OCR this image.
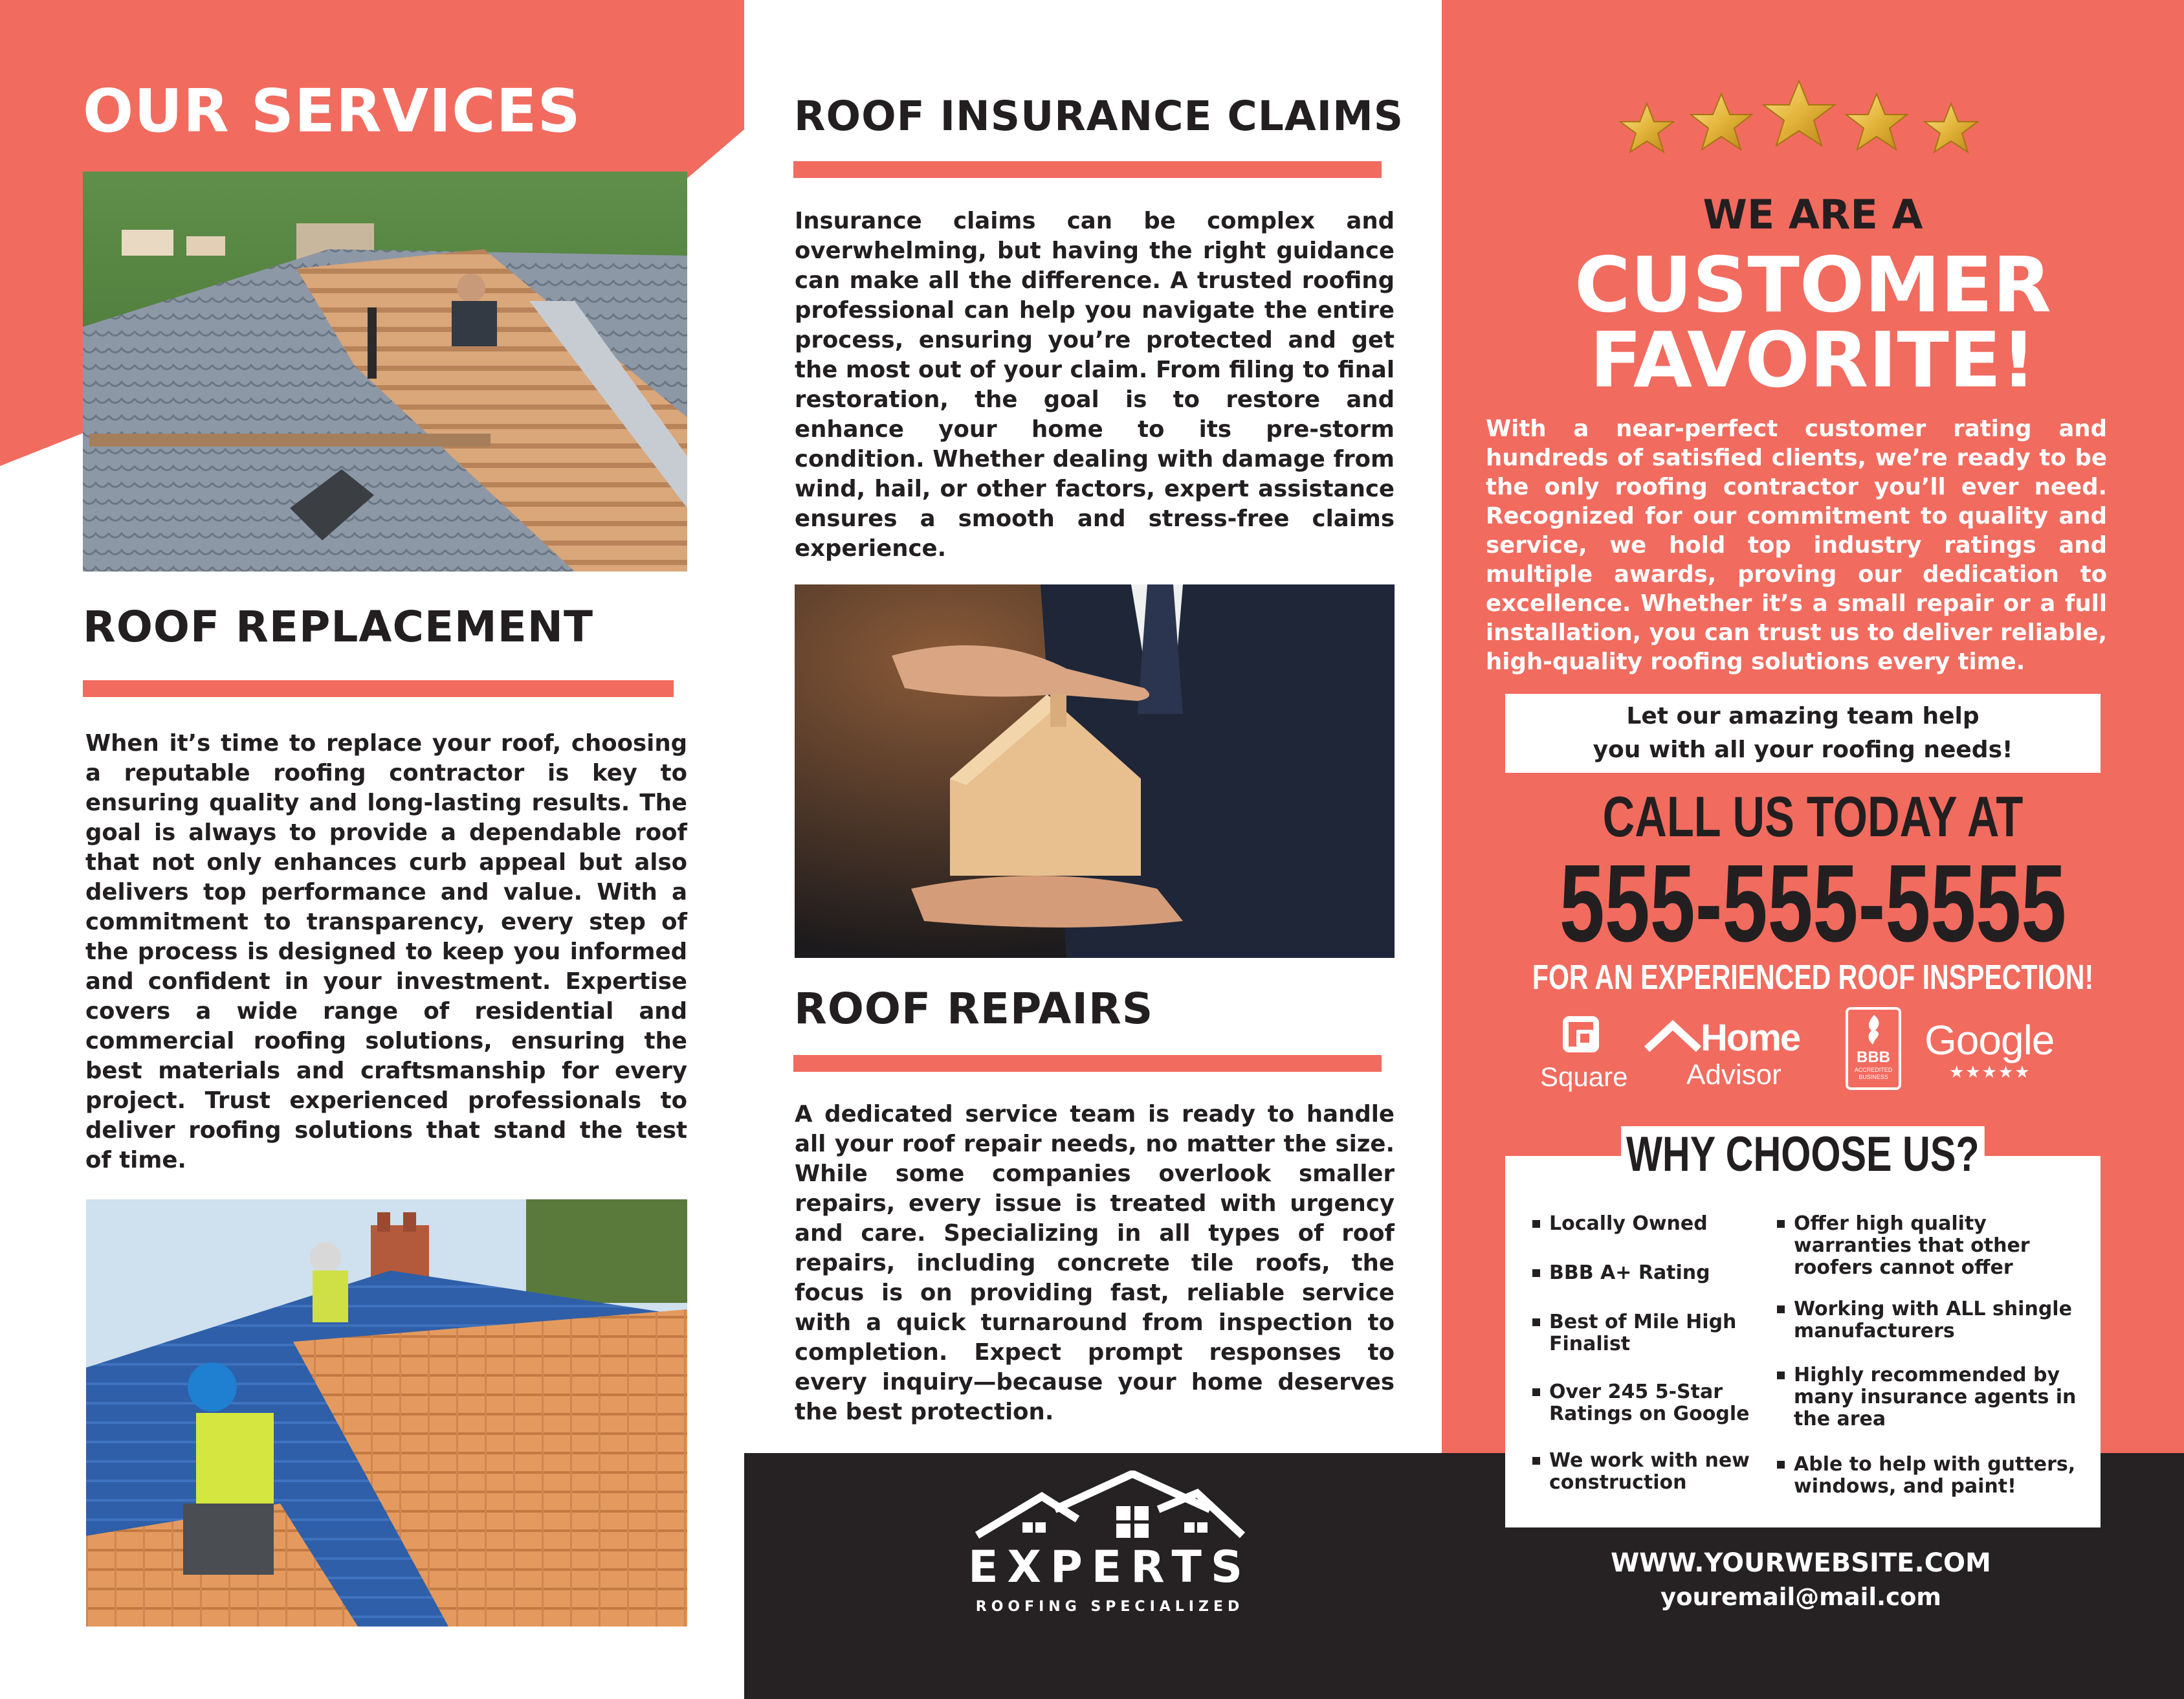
OUR SERVICES
ROOF REPLACEMENT
When it’s time to replace your roof, choosing a reputable roofing contractor is key to ensuring quality and long-lasting results. The goal is always to provide a dependable roof that not only enhances curb appeal but also delivers top performance and value. With a commitment to transparency, every step of the process is designed to keep you informed and confident in your investment. Expertise covers a wide range of residential and commercial roofing solutions, ensuring the best materials and craftsmanship for every project. Trust experienced professionals to deliver roofing solutions that stand the test of time.
ROOF INSURANCE CLAIMS
Insurance claims can be complex and overwhelming, but having the right guidance can make all the difference. A trusted roofing professional can help you navigate the entire process, ensuring you’re protected and get the most out of your claim. From filing to final restoration, the goal is to restore and enhance your home to its pre-storm condition. Whether dealing with damage from wind, hail, or other factors, expert assistance ensures a smooth and stress-free claims experience.
ROOF REPAIRS
A dedicated service team is ready to handle all your roof repair needs, no matter the size. While some companies overlook smaller repairs, every issue is treated with urgency and care. Specializing in all types of roof repairs, including concrete tile roofs, the focus is on providing fast, reliable service with a quick turnaround from inspection to completion. Expect prompt responses to every inquiry—because your home deserves the best protection.
EXPERTS
ROOFING SPECIALIZED
WE ARE A
CUSTOMER
FAVORITE!
With a near-perfect customer rating and hundreds of satisfied clients, we’re ready to be the only roofing contractor you’ll ever need. Recognized for our commitment to quality and service, we hold top industry ratings and multiple awards, proving our dedication to excellence. Whether it’s a small repair or a full installation, you can trust us to deliver reliable, high-quality roofing solutions every time.
Let our amazing team help
you with all your roofing needs!
CALL US TODAY AT
555-555-5555
FOR AN EXPERIENCED ROOF INSPECTION!
Square
Home
Advisor
BBB
ACCREDITED BUSINESS
Google
★★★★★
WHY CHOOSE US?
Locally Owned
BBB A+ Rating
Best of Mile High Finalist
Over 245 5-Star Ratings on Google
We work with new construction
Offer high quality warranties that other roofers cannot offer
Working with ALL shingle manufacturers
Highly recommended by many insurance agents in the area
Able to help with gutters, windows, and paint!
WWW.YOURWEBSITE.COM
youremail@mail.com
